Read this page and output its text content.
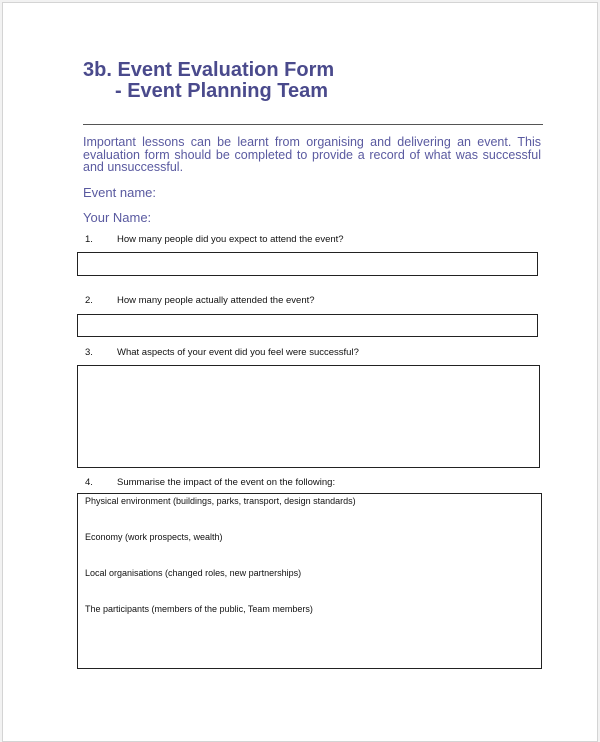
3b. Event Evaluation Form
- Event Planning Team
Important lessons can be learnt from organising and delivering an event. This evaluation form should be completed to provide a record of what was successful and unsuccessful.
Event name:
Your Name:
1.	How many people did you expect to attend the event?
2.	How many people actually attended the event?
3.	What aspects of your event did you feel were successful?
4.	Summarise the impact of the event on the following:
Physical environment (buildings, parks, transport, design standards)
Economy (work prospects, wealth)
Local organisations (changed roles, new partnerships)
The participants (members of the public, Team members)
